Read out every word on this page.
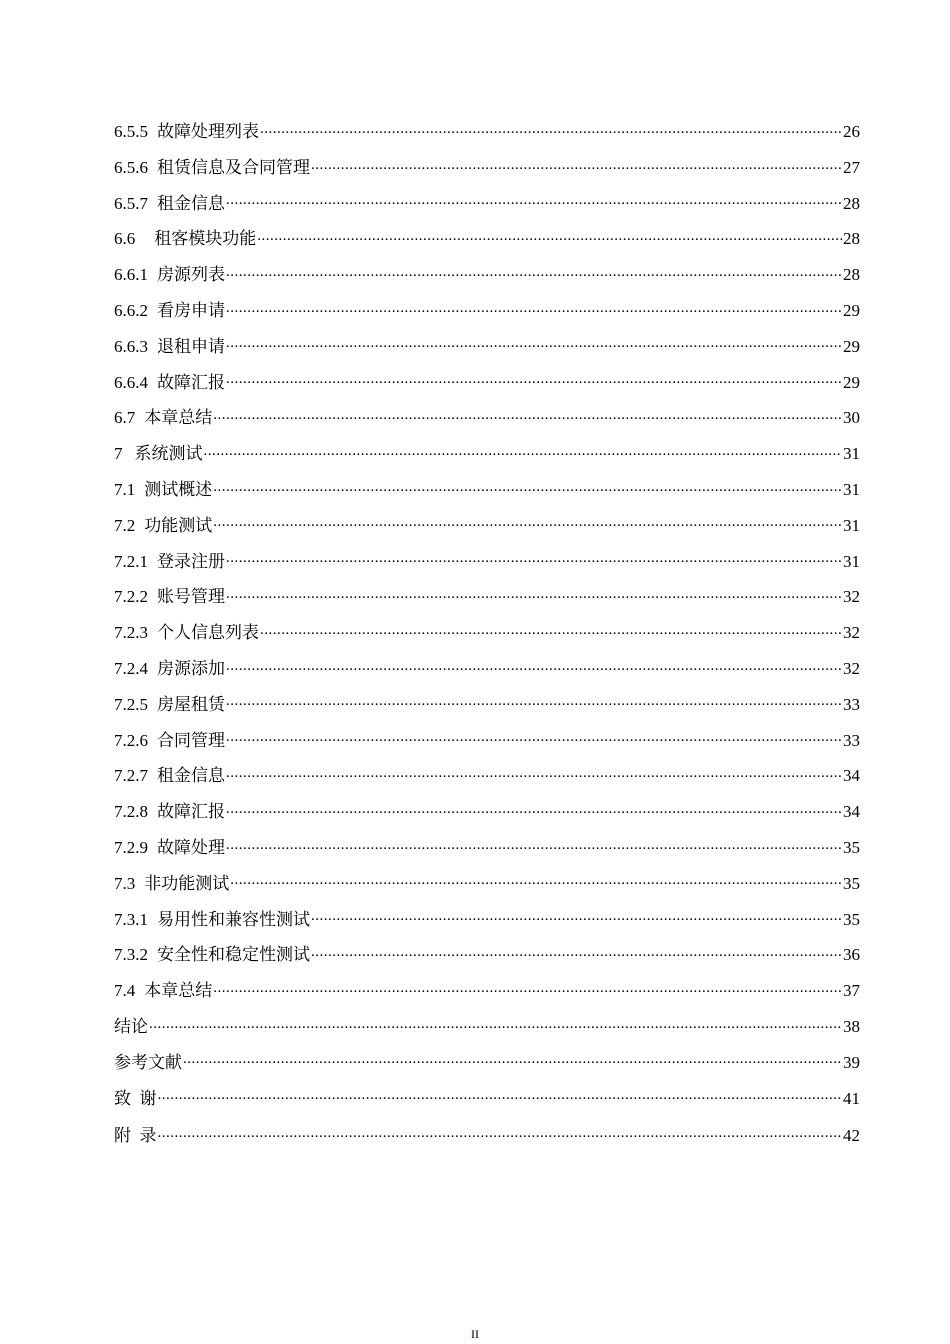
6.5.5 故障处理列表 .....	26
6.5.6 租赁信息及合同管理 .....	27
6.5.7 租金信息 .....	28
6.6 租客模块功能 .....	28
6.6.1 房源列表 .....	28
6.6.2 看房申请 .....	29
6.6.3 退租申请 .....	29
6.6.4 故障汇报 .....	29
6.7 本章总结 .....	30
7 系统测试 .....	31
7.1 测试概述 .....	31
7.2 功能测试 .....	31
7.2.1 登录注册 .....	31
7.2.2 账号管理 .....	32
7.2.3 个人信息列表 .....	32
7.2.4 房源添加 .....	32
7.2.5 房屋租赁 .....	33
7.2.6 合同管理 .....	33
7.2.7 租金信息 .....	34
7.2.8 故障汇报 .....	34
7.2.9 故障处理 .....	35
7.3 非功能测试 .....	35
7.3.1 易用性和兼容性测试 .....	35
7.3.2 安全性和稳定性测试 .....	36
7.4 本章总结 .....	37
结论 .....	38
参考文献 .....	39
致  谢 .....	41
附  录 .....	42
II
